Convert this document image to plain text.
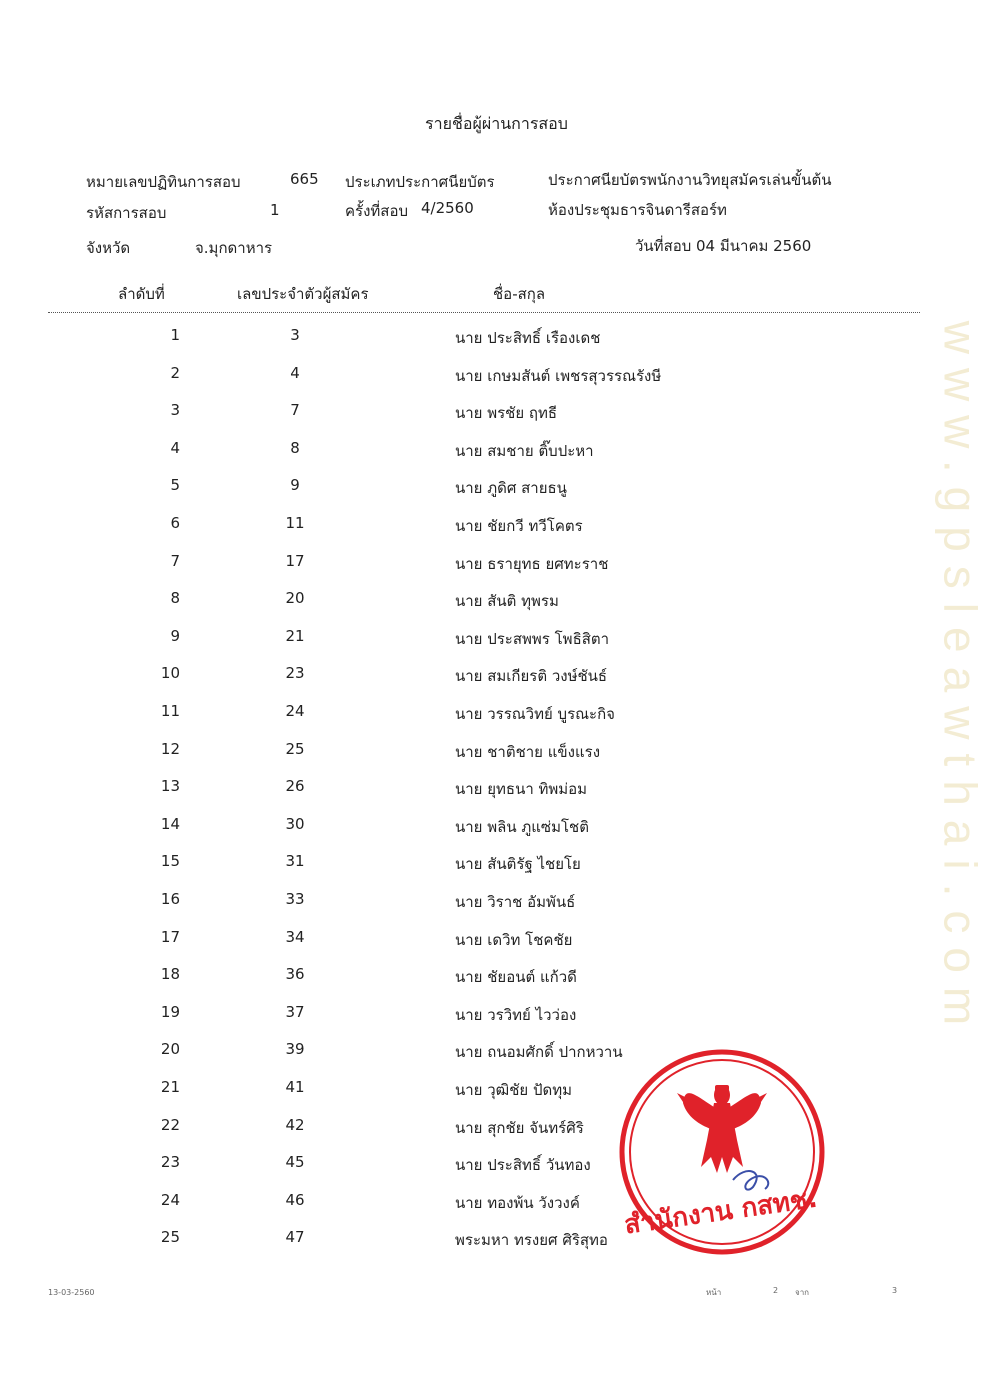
รายชื่อผู้ผ่านการสอบ
หมายเลขปฏิทินการสอบ	665 ประเภทประกาศนียบัตร	ประกาศนียบัตรพนักงานวิทยุสมัครเล่นขั้นต้น
รหัสการสอบ	1	ครั้งที่สอบ 4/2560	ห้องประชุมธารจินดารีสอร์ท
จังหวัด	จ.มุกดาหาร	วันที่สอบ 04 มีนาคม 2560
ลำดับที่	เลขประจำตัวผู้สมัคร	ชื่อ-สกุล
1	3	นาย ประสิทธิ์ เรืองเดช
2	4	นาย เกษมสันต์ เพชรสุวรรณรังษี
3	7	นาย พรชัย ฤทธี
4	8	นาย สมชาย ติ๊บปะหา
5	9	นาย ภูดิศ สายธนู
6	11	นาย ชัยกวี ทวีโคตร
7	17	นาย ธรายุทธ ยศทะราช
8	20	นาย สันติ ทุพรม
9	21	นาย ประสพพร โพธิสิตา
10	23	นาย สมเกียรติ วงษ์ชันธ์
11	24	นาย วรรณวิทย์ บูรณะกิจ
12	25	นาย ชาติชาย แข็งแรง
13	26	นาย ยุทธนา ทิพม่อม
14	30	นาย พลิน ภูแซ่มโชติ
15	31	นาย สันติรัฐ ไชยโย
16	33	นาย วิราช อัมพันธ์
17	34	นาย เดวิท โชคชัย
18	36	นาย ชัยอนต์ แก้วดี
19	37	นาย วรวิทย์ ไวว่อง
20	39	นาย ถนอมศักดิ์ ปากหวาน
21	41	นาย วุฒิชัย ปัดทุม
22	42	นาย สุกชัย จันทร์ศิริ
23	45	นาย ประสิทธิ์ วันทอง
24	46	นาย ทองพ้น วังวงค์
25	47	พระมหา ทรงยศ ศิริสุทอ
13-03-2560	หน้า	2 จาก	3
www.gpsleawthai.com
สำนักงาน กสทช.
